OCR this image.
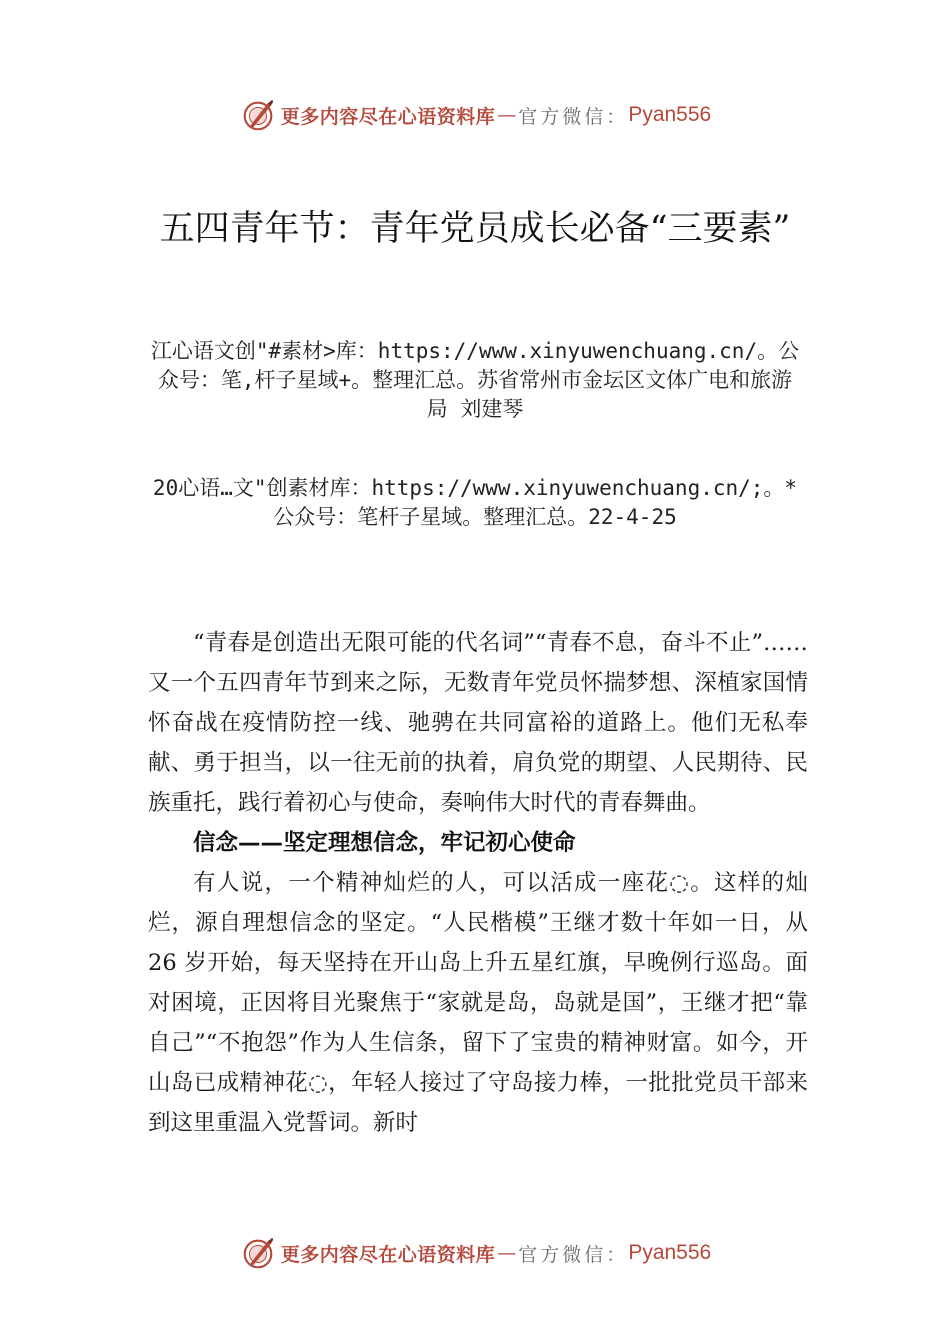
更多内容尽在心语资料库 — 官方微信： Pyan556
五四青年节：青年党员成长必备“三要素”
江心语文创"#素材>库：https://www.xinyuwenchuang.cn/。公众号：笔,杆子星域+。整理汇总。苏省常州市金坛区文体广电和旅游局 刘建琴
20心语…文"创素材库：https://www.xinyuwenchuang.cn/;。*公众号：笔杆子星域。整理汇总。22-4-25

“青春是创造出无限可能的代名词”“青春不息，奋斗不止”……又一个五四青年节到来之际，无数青年党员怀揣梦想、深植家国情怀奋战在疫情防控一线、驰骋在共同富裕的道路上。他们无私奉献、勇于担当，以一往无前的执着，肩负党的期望、人民期待、民族重托，践行着初心与使命，奏响伟大时代的青春舞曲。

信念——坚定理想信念，牢记初心使命

有人说，一个精神灿烂的人，可以活成一座花◌。这样的灿烂，源自理想信念的坚定。“人民楷模”王继才数十年如一日，从 26 岁开始，每天坚持在开山岛上升五星红旗，早晚例行巡岛。面对困境，正因将目光聚焦于“家就是岛，岛就是国”，王继才把“靠自己”“不抱怨”作为人生信条，留下了宝贵的精神财富。如今，开山岛已成精神花◌，年轻人接过了守岛接力棒，一批批党员干部来到这里重温入党誓词。新时

更多内容尽在心语资料库 — 官方微信： Pyan556
